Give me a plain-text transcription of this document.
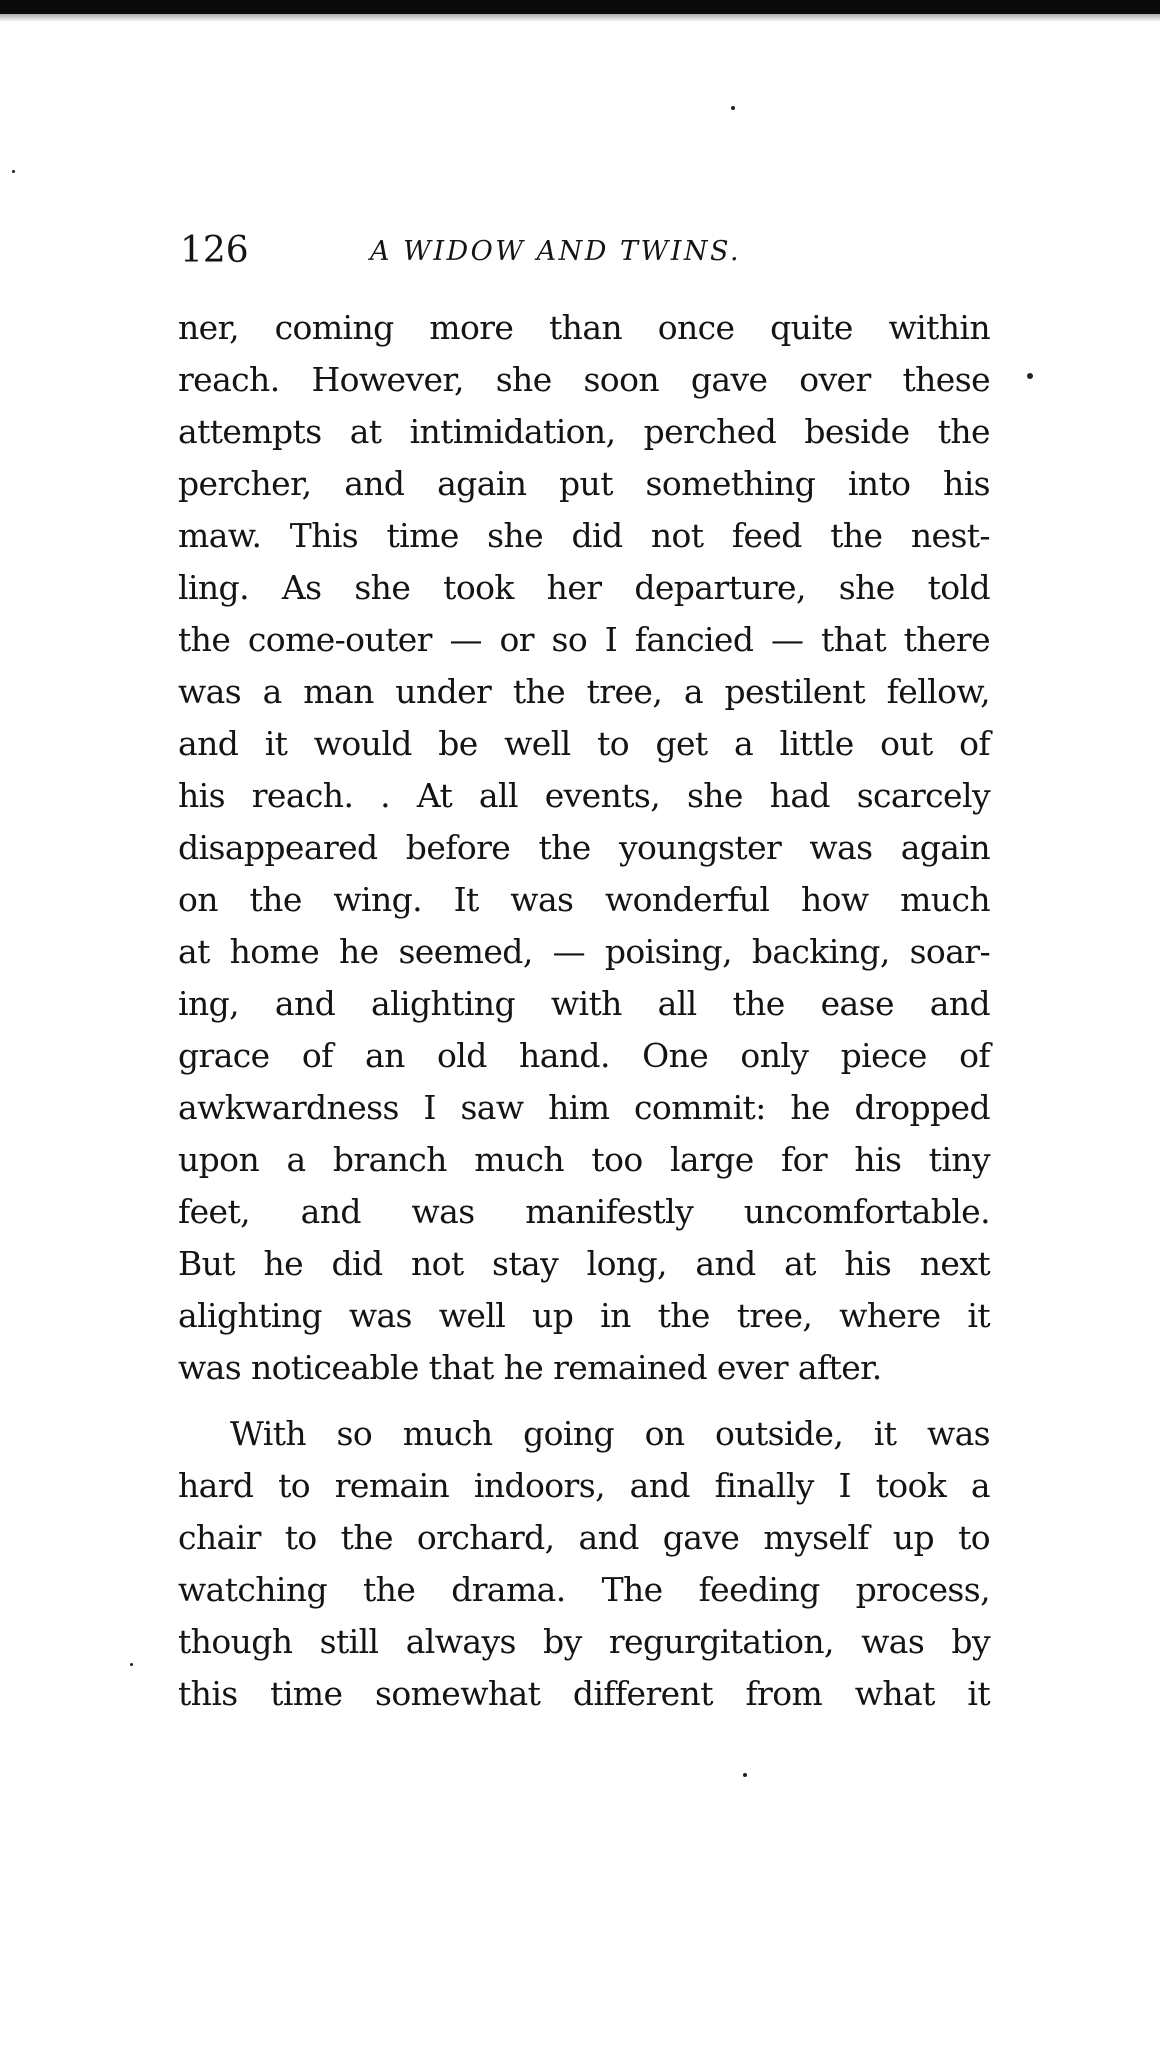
126	A WIDOW AND TWINS.
ner, coming more than once quite within
reach. However, she soon gave over these
attempts at intimidation, perched beside the
percher, and again put something into his
maw. This time she did not feed the nest-
ling. As she took her departure, she told
the come-outer — or so I fancied — that there
was a man under the tree, a pestilent fellow,
and it would be well to get a little out of
his reach. . At all events, she had scarcely
disappeared before the youngster was again
on the wing. It was wonderful how much
at home he seemed, — poising, backing, soar-
ing, and alighting with all the ease and
grace of an old hand. One only piece of
awkwardness I saw him commit: he dropped
upon a branch much too large for his tiny
feet, and was manifestly uncomfortable.
But he did not stay long, and at his next
alighting was well up in the tree, where it
was noticeable that he remained ever after.
With so much going on outside, it was
hard to remain indoors, and finally I took a
chair to the orchard, and gave myself up to
watching the drama. The feeding process,
though still always by regurgitation, was by
this time somewhat different from what it
